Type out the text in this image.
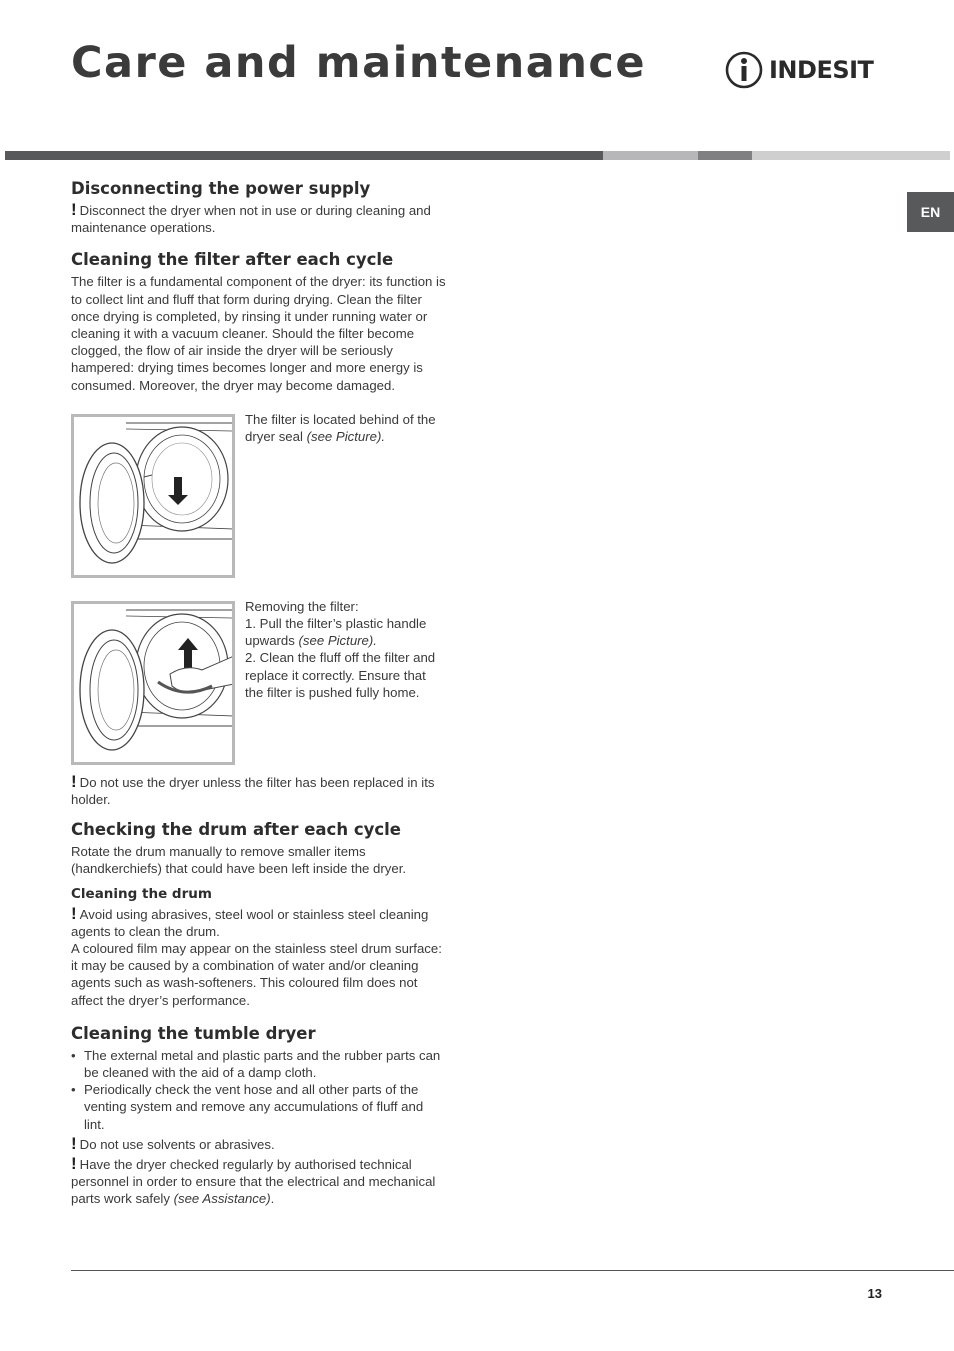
Care and maintenance	INDESIT
EN
Disconnecting the power supply

! Disconnect the dryer when not in use or during cleaning and maintenance operations.

Cleaning the filter after each cycle

The filter is a fundamental component of the dryer: its function is to collect lint and fluff that form during drying. Clean the filter once drying is completed, by rinsing it under running water or cleaning it with a vacuum cleaner. Should the filter become clogged, the flow of air inside the dryer will be seriously hampered: drying times becomes longer and more energy is consumed. Moreover, the dryer may become damaged.

The filter is located behind of the dryer seal (see Picture).

Removing the filter:

1. Pull the filter’s plastic handle upwards (see Picture).

2. Clean the fluff off the filter and replace it correctly. Ensure that the filter is pushed fully home.

! Do not use the dryer unless the filter has been replaced in its holder.

Checking the drum after each cycle

Rotate the drum manually to remove smaller items (handkerchiefs) that could have been left inside the dryer.

Cleaning the drum

! Avoid using abrasives, steel wool or stainless steel cleaning agents to clean the drum.

A coloured film may appear on the stainless steel drum surface: it may be caused by a combination of water and/or cleaning agents such as wash-softeners. This coloured film does not affect the dryer’s performance.

Cleaning the tumble dryer
• The external metal and plastic parts and the rubber parts can be cleaned with the aid of a damp cloth.
• Periodically check the vent hose and all other parts of the venting system and remove any accumulations of fluff and lint.

! Do not use solvents or abrasives.

! Have the dryer checked regularly by authorised technical personnel in order to ensure that the electrical and mechanical parts work safely (see Assistance).

13
